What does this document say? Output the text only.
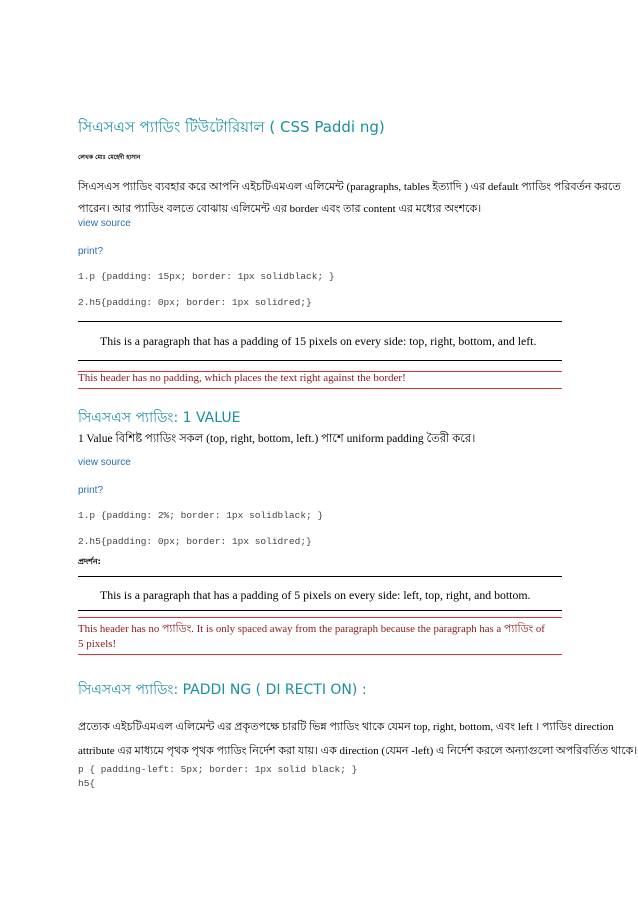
সিএসএস প্যাডিং টিউটোরিয়াল ( CSS Paddi ng)
লেখক মোঃ মেহেদী হাসান

সিএসএস প্যাডিং ব্যবহার করে আপনি এইচটিএমএল এলিমেন্ট (paragraphs, tables ইত্যাদি ) এর default প্যাডিং পরিবর্তন করতে

পারেন। আর প্যাডিং বলতে বোঝায় এলিমেন্ট এর border এবং তার content এর মধ্যের অংশকে।

view source
print?
1.p {padding: 15px; border: 1px solidblack; }
2.h5{padding: 0px; border: 1px solidred;}
This is a paragraph that has a padding of 15 pixels on every side: top, right, bottom, and left.
This header has no padding, which places the text right against the border!
সিএসএস প্যাডিং: 1 VALUE

1 Value বিশিষ্ট প্যাডিং সকল (top, right, bottom, left.) পাশে uniform padding তৈরী করে।

view source
print?
1.p {padding: 2%; border: 1px solidblack; }
2.h5{padding: 0px; border: 1px solidred;}
প্রদর্শন:
This is a paragraph that has a padding of 5 pixels on every side: left, top, right, and bottom.
This header has no প্যাডিং. It is only spaced away from the paragraph because the paragraph has a প্যাডিং of
5 pixels!
সিএসএস প্যাডিং: PADDI NG ( DI RECTI ON) :

প্রত্যেক এইচটিএমএল এলিমেন্ট এর প্রকৃতপক্ষে চারটি ভিন্ন প্যাডিং থাকে যেমন top, right, bottom, এবং left । প্যাডিং direction

attribute এর মাধ্যমে পৃথক পৃথক প্যাডিং নির্দেশ করা যায়। এক direction (যেমন -left) এ নির্দেশ করলে অন্যাগুলো অপরিবর্তিত থাকে।

p { padding-left: 5px; border: 1px solid black; }
h5{
